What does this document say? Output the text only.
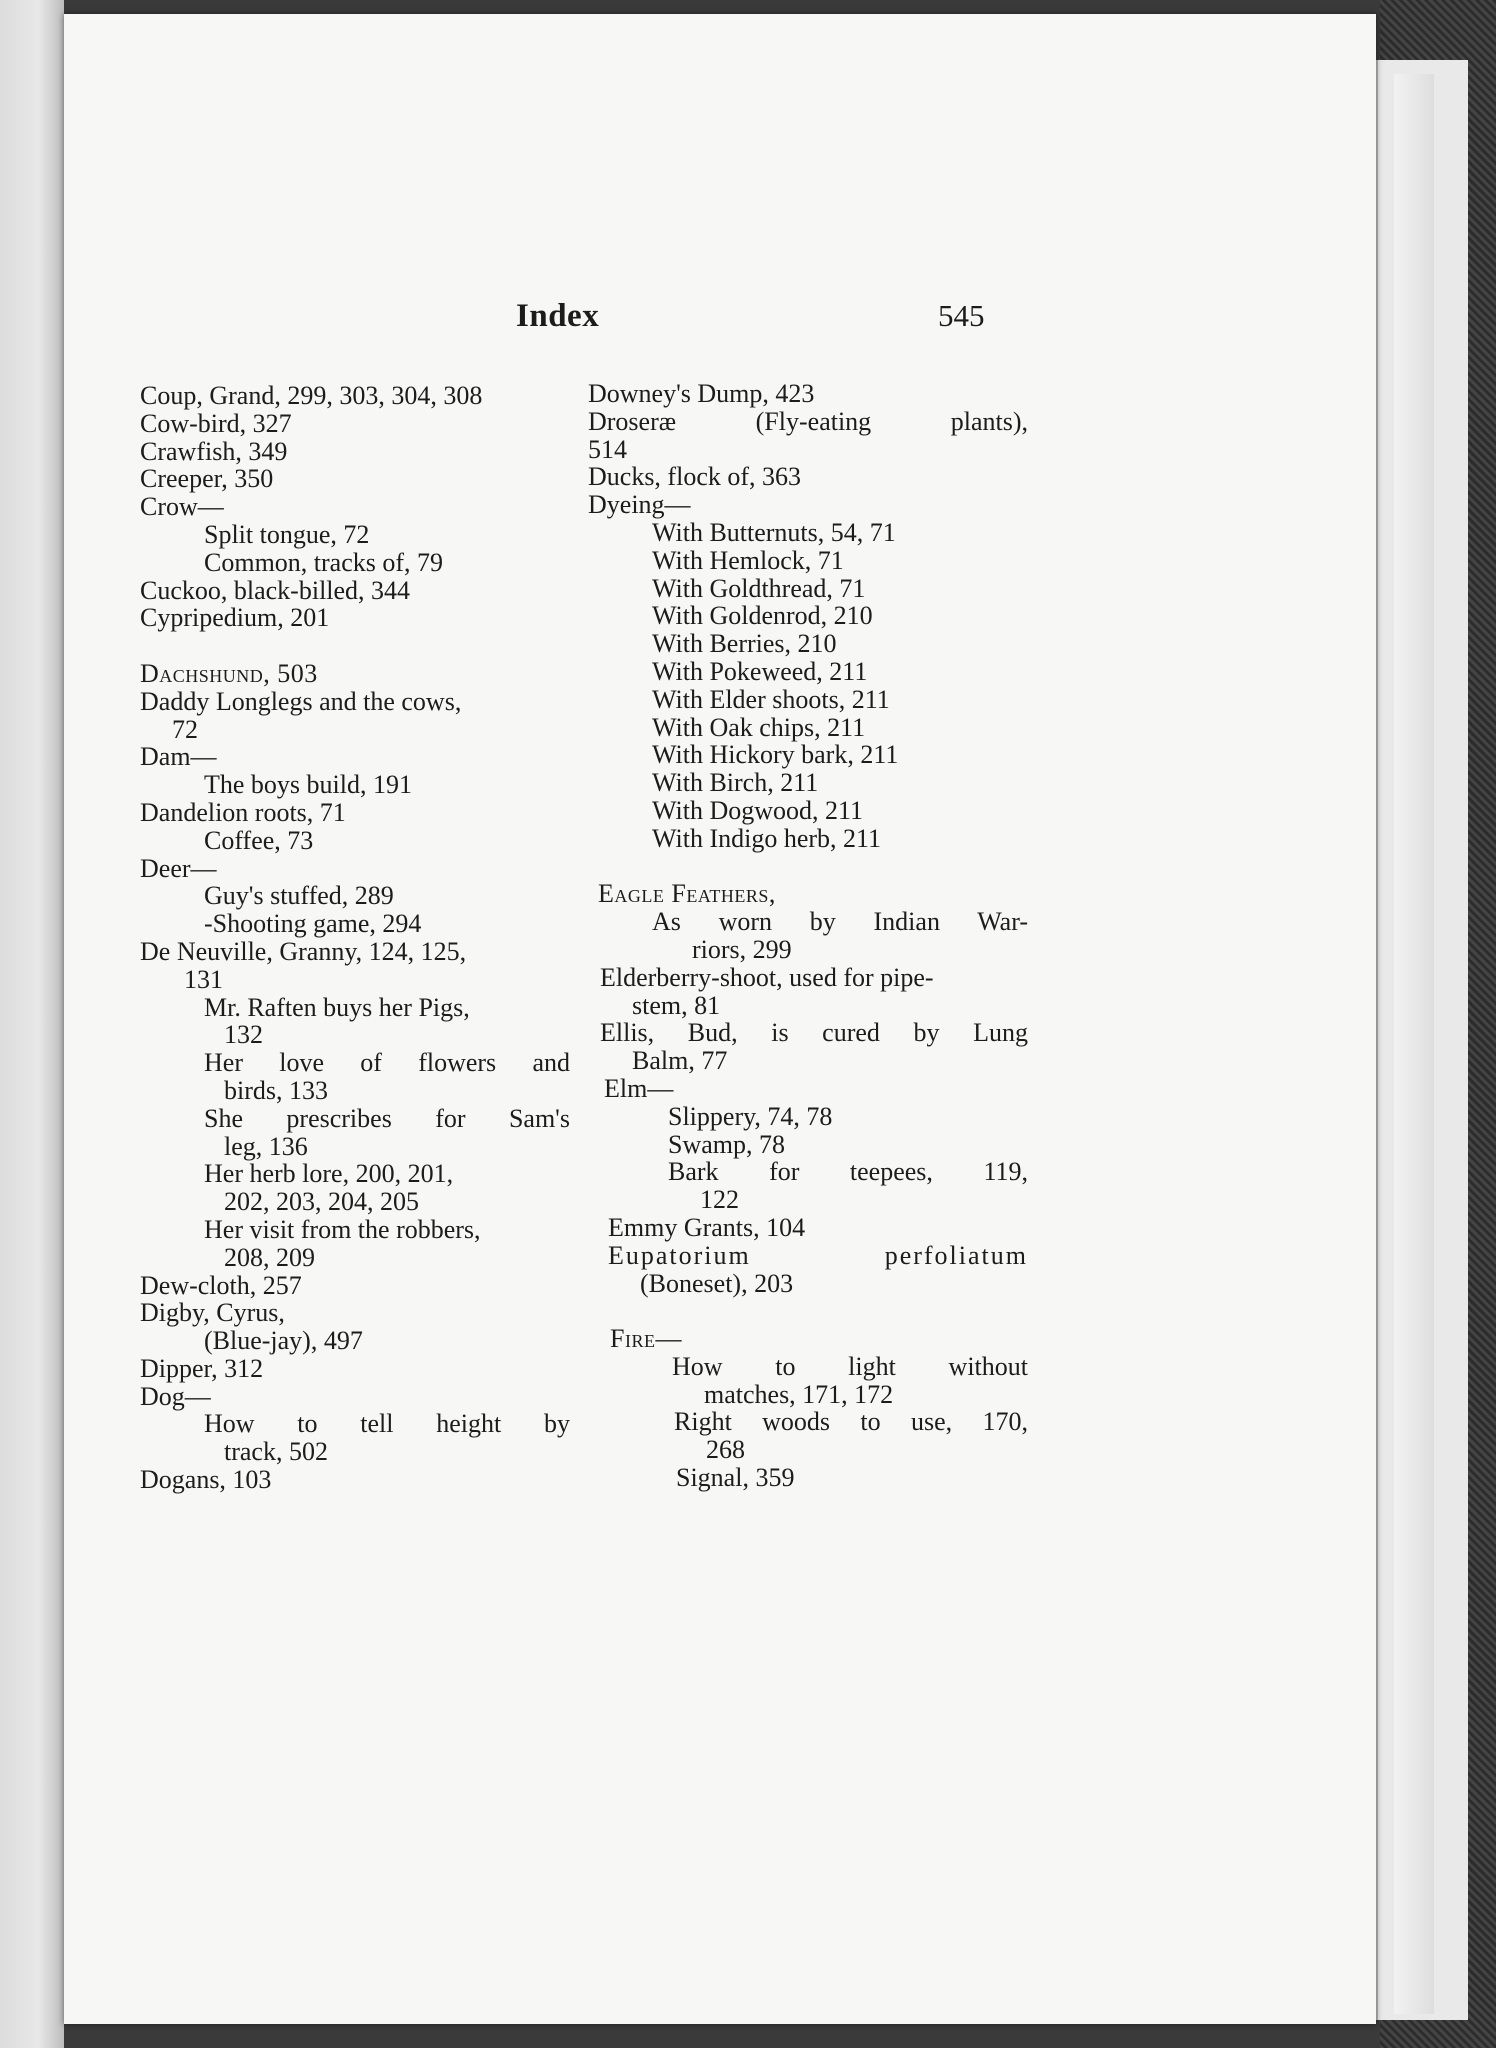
Index	545
Coup, Grand, 299, 303, 304, 308
Cow-bird, 327
Crawfish, 349
Creeper, 350
Crow—
Split tongue, 72
Common, tracks of, 79
Cuckoo, black-billed, 344
Cypripedium, 201
Dachshund, 503
Daddy Longlegs and the cows,
72
Dam—
The boys build, 191
Dandelion roots, 71
Coffee, 73
Deer—
Guy's stuffed, 289
-Shooting game, 294
De Neuville, Granny, 124, 125,
131
Mr. Raften buys her Pigs,
132
Her love of flowers and
birds, 133
She prescribes for Sam's
leg, 136
Her herb lore, 200, 201,
202, 203, 204, 205
Her visit from the robbers,
208, 209
Dew-cloth, 257
Digby, Cyrus,
(Blue-jay), 497
Dipper, 312
Dog—
How to tell height by
track, 502
Dogans, 103
Downey's Dump, 423
Droseræ (Fly-eating plants),
514
Ducks, flock of, 363
Dyeing—
With Butternuts, 54, 71
With Hemlock, 71
With Goldthread, 71
With Goldenrod, 210
With Berries, 210
With Pokeweed, 211
With Elder shoots, 211
With Oak chips, 211
With Hickory bark, 211
With Birch, 211
With Dogwood, 211
With Indigo herb, 211
Eagle Feathers,
As worn by Indian War-
riors, 299
Elderberry-shoot, used for pipe-
stem, 81
Ellis, Bud, is cured by Lung
Balm, 77
Elm—
Slippery, 74, 78
Swamp, 78
Bark for teepees, 119,
122
Emmy Grants, 104
Eupatorium perfoliatum
(Boneset), 203
Fire—
How to light without
matches, 171, 172
Right woods to use, 170,
268
Signal, 359
